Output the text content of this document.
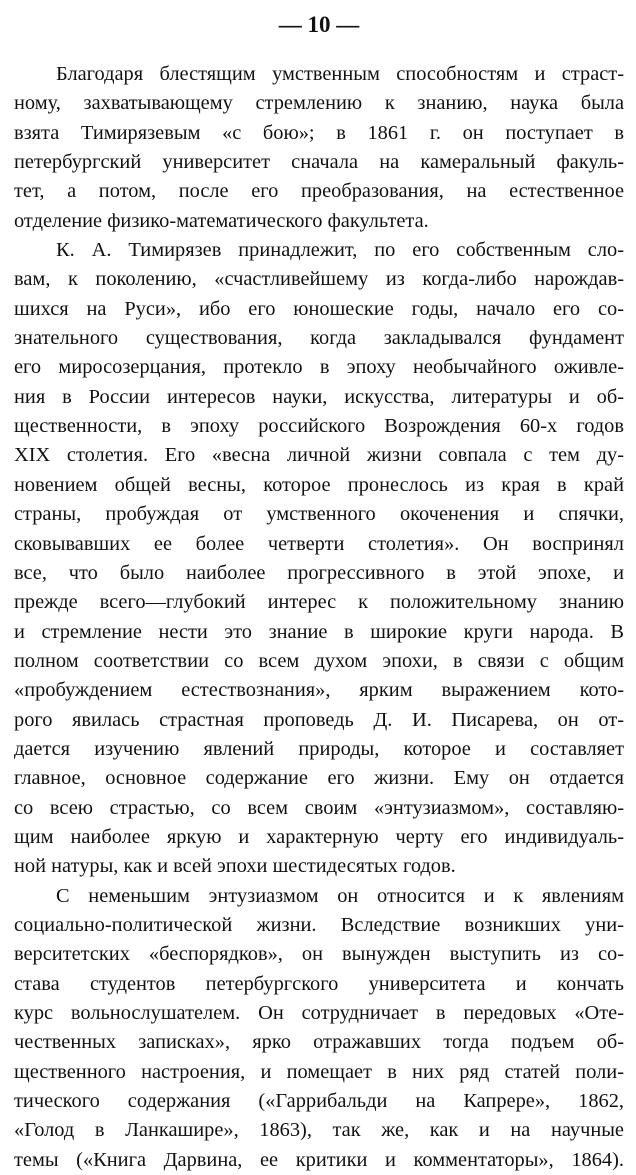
— 10 —
Благодаря блестящим умственным способностям и страст-
ному, захватывающему стремлению к знанию, наука была
взята Тимирязевым «с бою»; в 1861 г. он поступает в
петербургский университет сначала на камеральный факуль-
тет, а потом, после его преобразования, на естественное
отделение физико-математического факультета.
К. А. Тимирязев принадлежит, по его собственным сло-
вам, к поколению, «счастливейшему из когда-либо нарождав-
шихся на Руси», ибо его юношеские годы, начало его со-
знательного существования, когда закладывался фундамент
его миросозерцания, протекло в эпоху необычайного оживле-
ния в России интересов науки, искусства, литературы и об-
щественности, в эпоху российского Возрождения 60-х годов
XIX столетия. Его «весна личной жизни совпала с тем ду-
новением общей весны, которое пронеслось из края в край
страны, пробуждая от умственного окоченения и спячки,
сковывавших ее более четверти столетия». Он воспринял
все, что было наиболее прогрессивного в этой эпохе, и
прежде всего—глубокий интерес к положительному знанию
и стремление нести это знание в широкие круги народа. В
полном соответствии со всем духом эпохи, в связи с общим
«пробуждением естествознания», ярким выражением кото-
рого явилась страстная проповедь Д. И. Писарева, он от-
дается изучению явлений природы, которое и составляет
главное, основное содержание его жизни. Ему он отдается
со всею страстью, со всем своим «энтузиазмом», составляю-
щим наиболее яркую и характерную черту его индивидуаль-
ной натуры, как и всей эпохи шестидесятых годов.
С неменьшим энтузиазмом он относится и к явлениям
социально-политической жизни. Вследствие возникших уни-
верситетских «беспорядков», он вынужден выступить из со-
става студентов петербургского университета и кончать
курс вольнослушателем. Он сотрудничает в передовых «Оте-
чественных записках», ярко отражавших тогда подъем об-
щественного настроения, и помещает в них ряд статей поли-
тического содержания («Гаррибальди на Капрере», 1862,
«Голод в Ланкашире», 1863), так же, как и на научные
темы («Книга Дарвина, ее критики и комментаторы», 1864).
